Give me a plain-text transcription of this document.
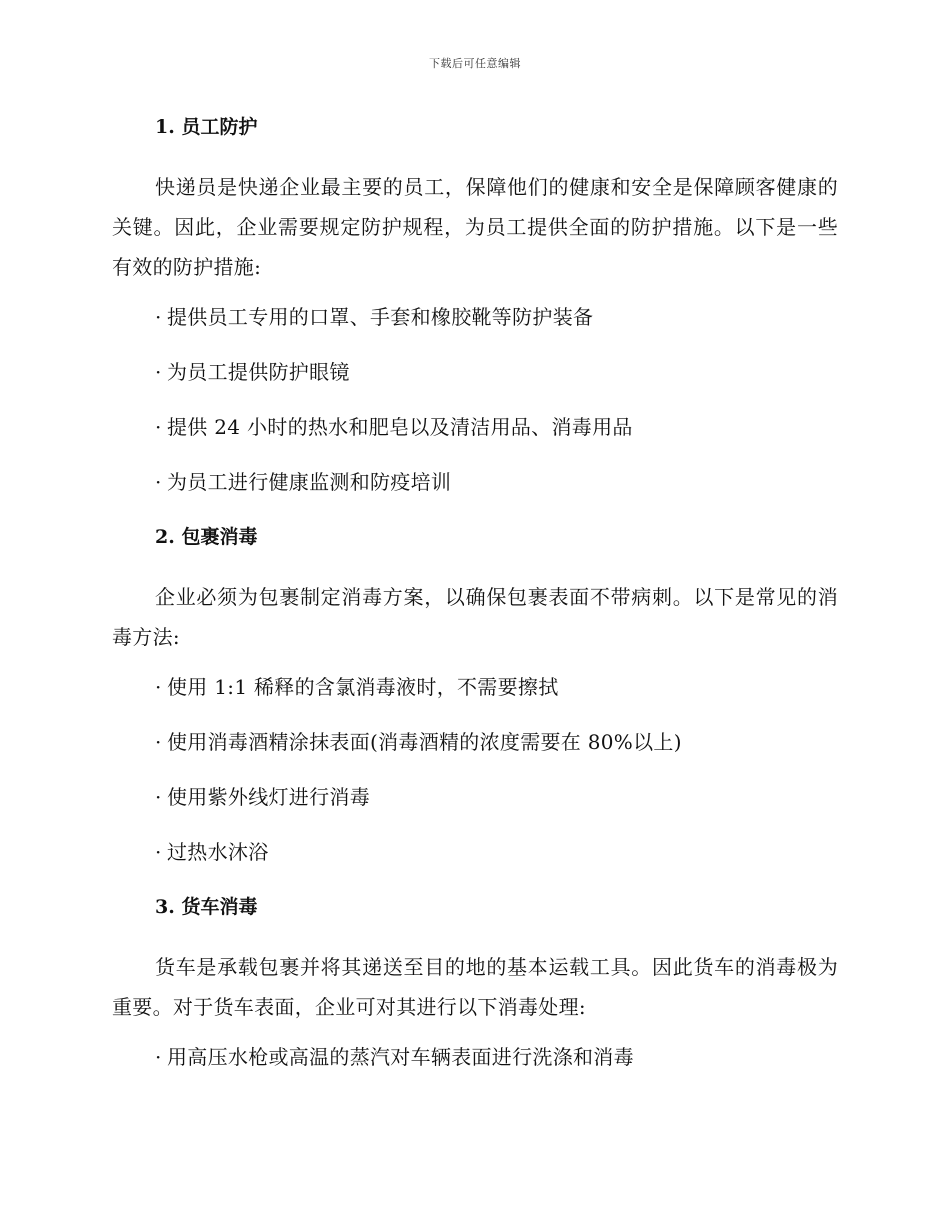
下载后可任意编辑
1. 员工防护
快递员是快递企业最主要的员工，保障他们的健康和安全是保障顾客健康的关键。因此，企业需要规定防护规程，为员工提供全面的防护措施。以下是一些有效的防护措施:
· 提供员工专用的口罩、手套和橡胶靴等防护装备
· 为员工提供防护眼镜
· 提供 24 小时的热水和肥皂以及清洁用品、消毒用品
· 为员工进行健康监测和防疫培训
2. 包裹消毒
企业必须为包裹制定消毒方案，以确保包裹表面不带病刺。以下是常见的消毒方法:
· 使用 1:1 稀释的含氯消毒液时，不需要擦拭
· 使用消毒酒精涂抹表面(消毒酒精的浓度需要在 80%以上)
· 使用紫外线灯进行消毒
· 过热水沐浴
3. 货车消毒
货车是承载包裹并将其递送至目的地的基本运载工具。因此货车的消毒极为重要。对于货车表面，企业可对其进行以下消毒处理:
· 用高压水枪或高温的蒸汽对车辆表面进行洗涤和消毒
